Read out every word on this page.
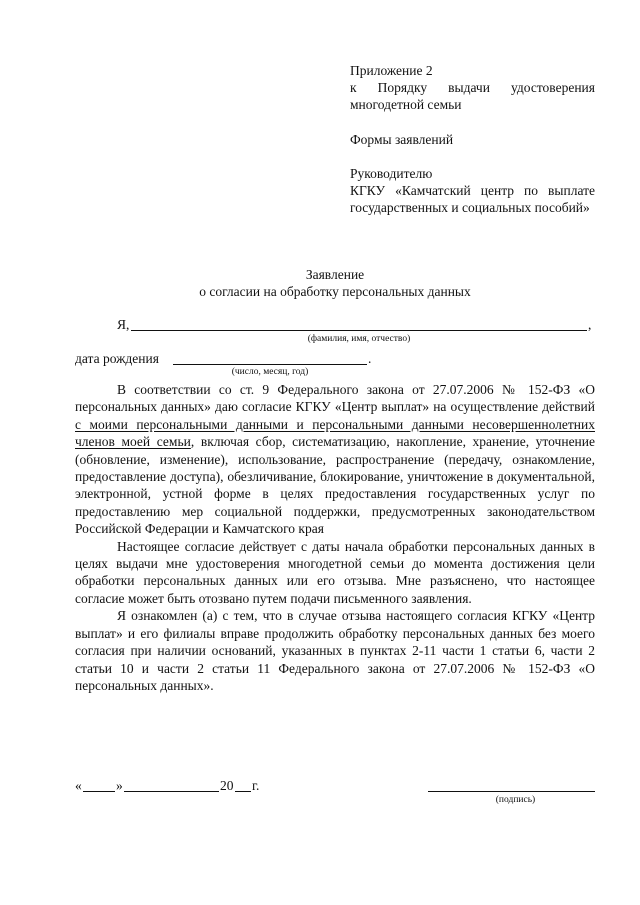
Приложение 2
к Порядку выдачи удостоверения многодетной семьи
Формы заявлений
Руководителю
КГКУ «Камчатский центр по выплате государственных и социальных пособий»
Заявление
о согласии на обработку персональных данных
Я,	,
(фамилия, имя, отчество)
дата рождения	.
(число, месяц, год)

В соответствии со ст. 9 Федерального закона от 27.07.2006 № 152-ФЗ «О персональных данных» даю согласие КГКУ «Центр выплат» на осуществление действий с моими персональными данными и персональными данными несовершеннолетних членов моей семьи, включая сбор, систематизацию, накопление, хранение, уточнение (обновление, изменение), использование, распространение (передачу, ознакомление, предоставление доступа), обезличивание, блокирование, уничтожение в документальной, электронной, устной форме в целях предоставления государственных услуг по предоставлению мер социальной поддержки, предусмотренных законодательством Российской Федерации и Камчатского края

Настоящее согласие действует с даты начала обработки персональных данных в целях выдачи мне удостоверения многодетной семьи до момента достижения цели обработки персональных данных или его отзыва. Мне разъяснено, что настоящее согласие может быть отозвано путем подачи письменного заявления.

Я ознакомлен (а) с тем, что в случае отзыва настоящего согласия КГКУ «Центр выплат» и его филиалы вправе продолжить обработку персональных данных без моего согласия при наличии оснований, указанных в пунктах 2-11 части 1 статьи 6, части 2 статьи 10 и части 2 статьи 11 Федерального закона от 27.07.2006 № 152-ФЗ «О персональных данных».

«	»	20 г.
(подпись)
